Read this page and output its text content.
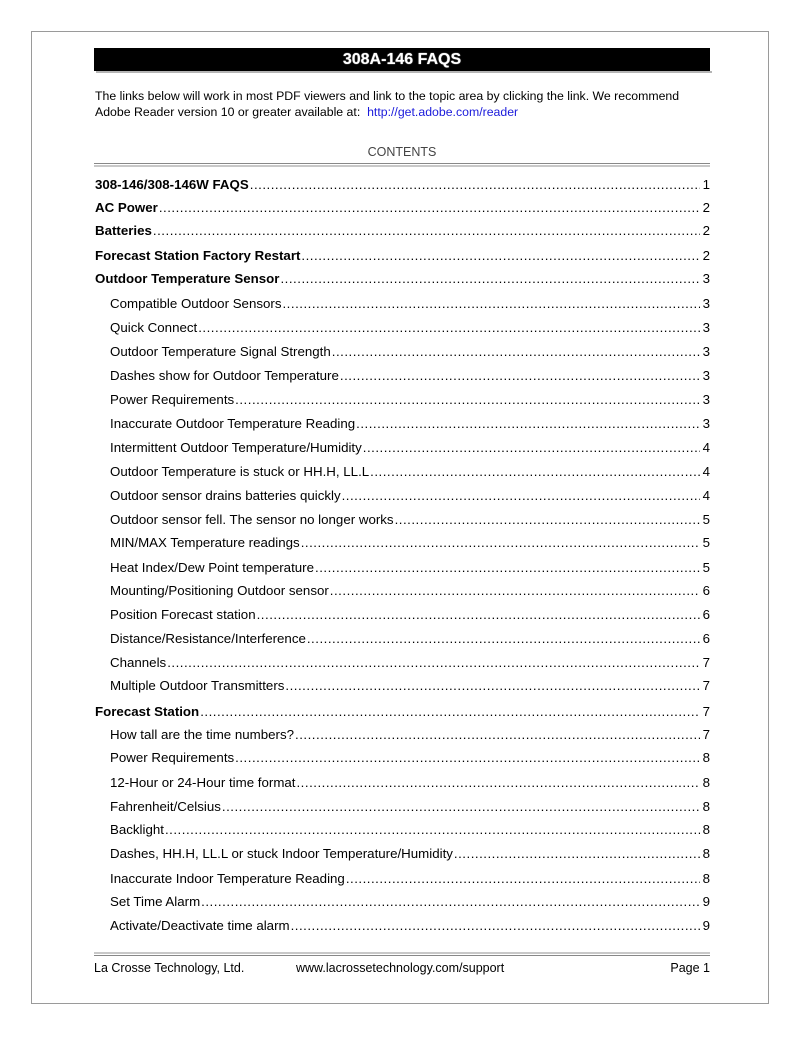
308A-146 FAQS
The links below will work in most PDF viewers and link to the topic area by clicking the link. We recommend Adobe Reader version 10 or greater available at: http://get.adobe.com/reader
CONTENTS
308-146/308-146W FAQS .....	1
AC Power .....	2
Batteries .....	2
Forecast Station Factory Restart .....	2
Outdoor Temperature Sensor .....	3
Compatible Outdoor Sensors .....	3
Quick Connect .....	3
Outdoor Temperature Signal Strength .....	3
Dashes show for Outdoor Temperature .....	3
Power Requirements .....	3
Inaccurate Outdoor Temperature Reading .....	3
Intermittent Outdoor Temperature/Humidity .....	4
Outdoor Temperature is stuck or HH.H, LL.L .....	4
Outdoor sensor drains batteries quickly .....	4
Outdoor sensor fell. The sensor no longer works .....	5
MIN/MAX Temperature readings .....	5
Heat Index/Dew Point temperature .....	5
Mounting/Positioning Outdoor sensor .....	6
Position Forecast station .....	6
Distance/Resistance/Interference .....	6
Channels .....	7
Multiple Outdoor Transmitters .....	7
Forecast Station .....	7
How tall are the time numbers? .....	7
Power Requirements .....	8
12-Hour or 24-Hour time format .....	8
Fahrenheit/Celsius .....	8
Backlight .....	8
Dashes, HH.H, LL.L or stuck Indoor Temperature/Humidity .....	8
Inaccurate Indoor Temperature Reading .....	8
Set Time Alarm .....	9
Activate/Deactivate time alarm .....	9
La Crosse Technology, Ltd.	www.lacrossetechnology.com/support	Page 1
